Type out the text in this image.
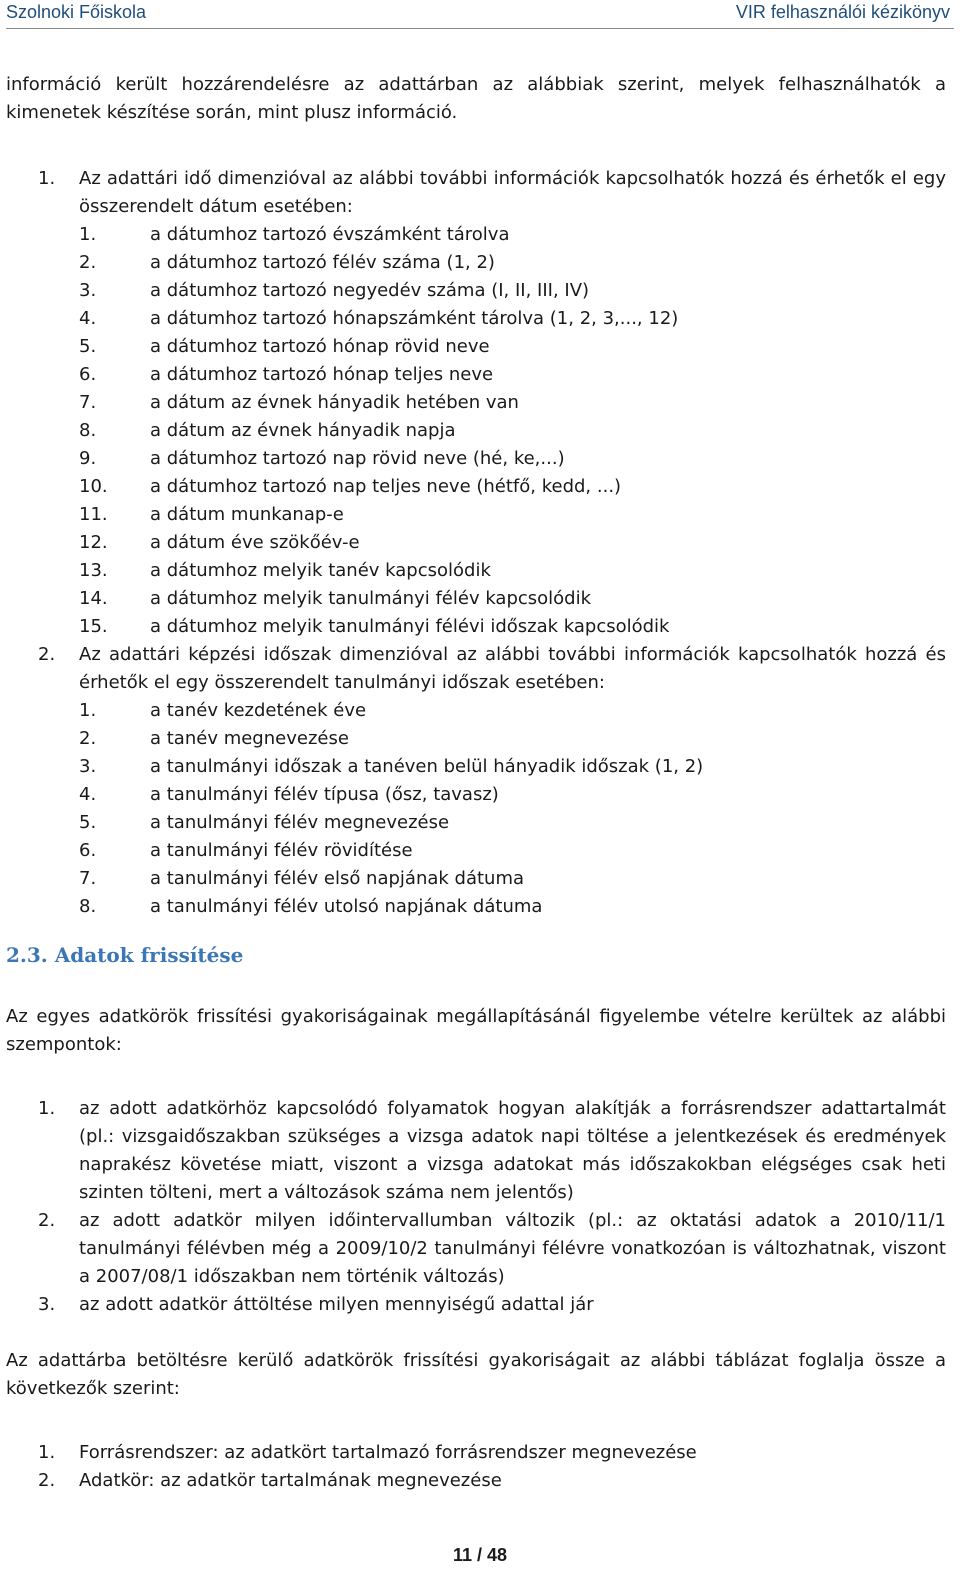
Szolnoki Főiskola	VIR felhasználói kézikönyv
információ került hozzárendelésre az adattárban az alábbiak szerint, melyek felhasználhatók a kimenetek készítése során, mint plusz információ.
1. Az adattári idő dimenzióval az alábbi további információk kapcsolhatók hozzá és érhetők el egy összerendelt dátum esetében:
1.	a dátumhoz tartozó évszámként tárolva
2.	a dátumhoz tartozó félév száma (1, 2)
3.	a dátumhoz tartozó negyedév száma (I, II, III, IV)
4.	a dátumhoz tartozó hónapszámként tárolva (1, 2, 3,..., 12)
5.	a dátumhoz tartozó hónap rövid neve
6.	a dátumhoz tartozó hónap teljes neve
7.	a dátum az évnek hányadik hetében van
8.	a dátum az évnek hányadik napja
9.	a dátumhoz tartozó nap rövid neve (hé, ke,...)
10. a dátumhoz tartozó nap teljes neve (hétfő, kedd, ...)
11. a dátum munkanap-e
12. a dátum éve szökőév-e
13. a dátumhoz melyik tanév kapcsolódik
14. a dátumhoz melyik tanulmányi félév kapcsolódik
15. a dátumhoz melyik tanulmányi félévi időszak kapcsolódik
2. Az adattári képzési időszak dimenzióval az alábbi további információk kapcsolhatók hozzá és érhetők el egy összerendelt tanulmányi időszak esetében:
1.	a tanév kezdetének éve
2.	a tanév megnevezése
3.	a tanulmányi időszak a tanéven belül hányadik időszak (1, 2)
4.	a tanulmányi félév típusa (ősz, tavasz)
5.	a tanulmányi félév megnevezése
6.	a tanulmányi félév rövidítése
7.	a tanulmányi félév első napjának dátuma
8.	a tanulmányi félév utolsó napjának dátuma
2.3. Adatok frissítése
Az egyes adatkörök frissítési gyakoriságainak megállapításánál figyelembe vételre kerültek az alábbi szempontok:
1. az adott adatkörhöz kapcsolódó folyamatok hogyan alakítják a forrásrendszer adattartalmát (pl.: vizsgaidőszakban szükséges a vizsga adatok napi töltése a jelentkezések és eredmények naprakész követése miatt, viszont a vizsga adatokat más időszakokban elégséges csak heti szinten tölteni, mert a változások száma nem jelentős)
2. az adott adatkör milyen időintervallumban változik (pl.: az oktatási adatok a 2010/11/1 tanulmányi félévben még a 2009/10/2 tanulmányi félévre vonatkozóan is változhatnak, viszont a 2007/08/1 időszakban nem történik változás)
3. az adott adatkör áttöltése milyen mennyiségű adattal jár
Az adattárba betöltésre kerülő adatkörök frissítési gyakoriságait az alábbi táblázat foglalja össze a következők szerint:
1. Forrásrendszer: az adatkört tartalmazó forrásrendszer megnevezése
2. Adatkör: az adatkör tartalmának megnevezése
11 / 48
